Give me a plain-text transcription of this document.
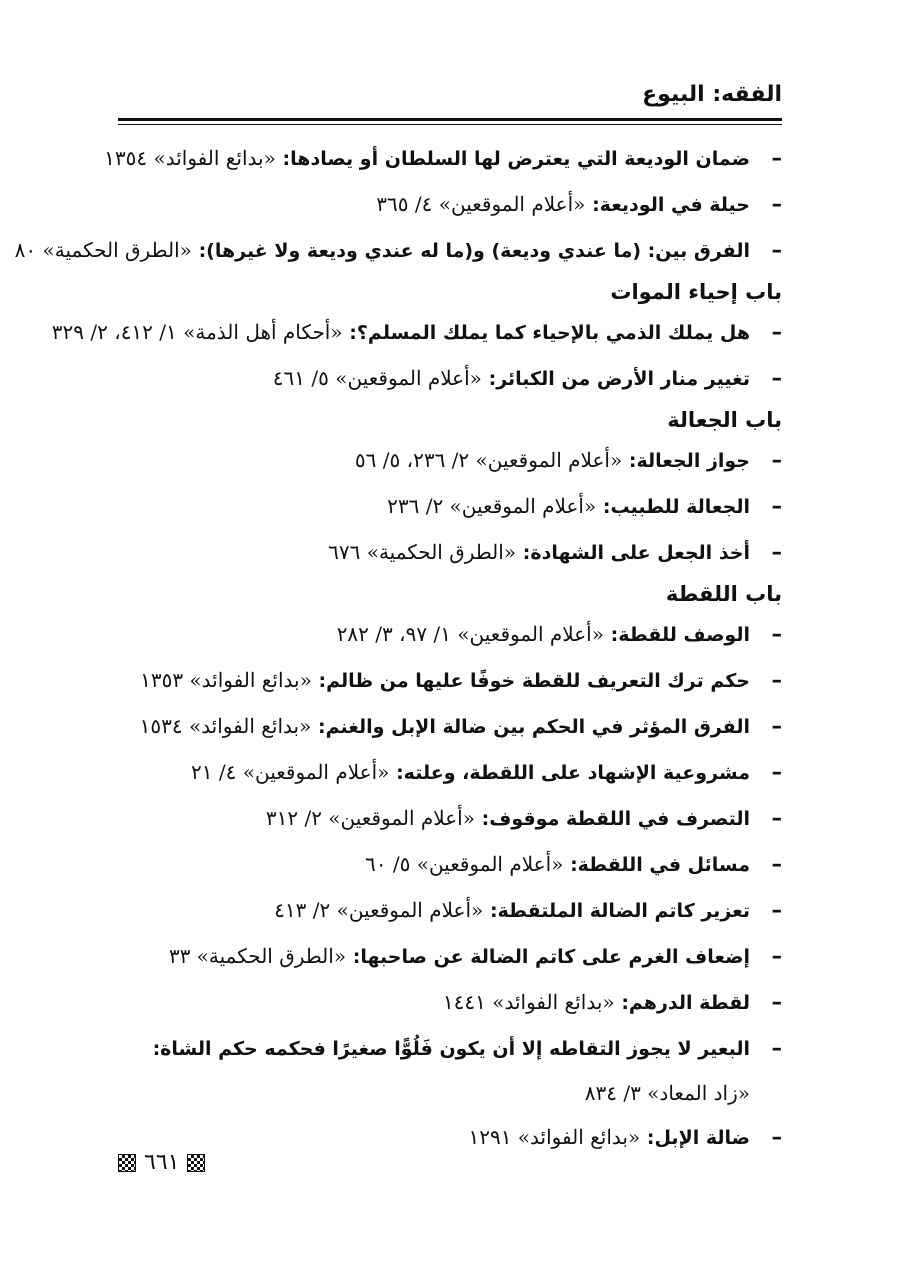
الفقه: البيوع
–
ضمان الوديعة التي يعترض لها السلطان أو يصادها: «بدائع الفوائد» ١٣٥٤
–
حيلة في الوديعة: «أعلام الموقعين» ٤/ ٣٦٥
–
الفرق بين: (ما عندي وديعة) و(ما له عندي وديعة ولا غيرها): «الطرق الحكمية» ٨٠
باب إحياء الموات
–
هل يملك الذمي بالإحياء كما يملك المسلم؟: «أحكام أهل الذمة» ١/ ٤١٢، ٢/ ٣٢٩
–
تغيير منار الأرض من الكبائر: «أعلام الموقعين» ٥/ ٤٦١
باب الجعالة
–
جواز الجعالة: «أعلام الموقعين» ٢/ ٢٣٦، ٥/ ٥٦
–
الجعالة للطبيب: «أعلام الموقعين» ٢/ ٢٣٦
–
أخذ الجعل على الشهادة: «الطرق الحكمية» ٦٧٦
باب اللقطة
–
الوصف للقطة: «أعلام الموقعين» ١/ ٩٧، ٣/ ٢٨٢
–
حكم ترك التعريف للقطة خوفًا عليها من ظالم: «بدائع الفوائد» ١٣٥٣
–
الفرق المؤثر في الحكم بين ضالة الإبل والغنم: «بدائع الفوائد» ١٥٣٤
–
مشروعية الإشهاد على اللقطة، وعلته: «أعلام الموقعين» ٤/ ٢١
–
التصرف في اللقطة موقوف: «أعلام الموقعين» ٢/ ٣١٢
–
مسائل في اللقطة: «أعلام الموقعين» ٥/ ٦٠
–
تعزير كاتم الضالة الملتقطة: «أعلام الموقعين» ٢/ ٤١٣
–
إضعاف الغرم على كاتم الضالة عن صاحبها: «الطرق الحكمية» ٣٣
–
لقطة الدرهم: «بدائع الفوائد» ١٤٤١
–
البعير لا يجوز التقاطه إلا أن يكون فَلُوًّا صغيرًا فحكمه حكم الشاة: «زاد المعاد» ٣/ ٨٣٤
–
ضالة الإبل: «بدائع الفوائد» ١٢٩١
٦٦١
